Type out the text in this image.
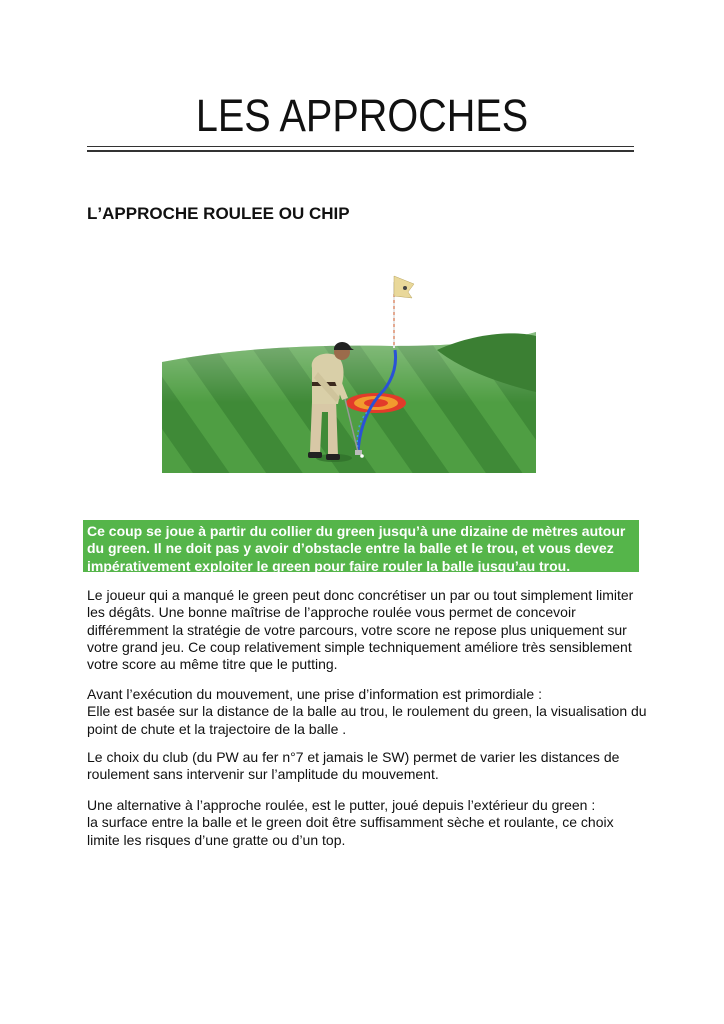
LES APPROCHES
L’APPROCHE ROULEE OU CHIP
Ce coup se joue à partir du collier du green jusqu’à une dizaine de mètres autour du green. Il ne doit pas y avoir d’obstacle entre la balle et le trou, et vous devez impérativement exploiter le green pour faire rouler la balle jusqu’au trou.

Le joueur qui a manqué le green peut donc concrétiser un par ou tout simplement limiter les dégâts. Une bonne maîtrise de l’approche roulée vous permet de concevoir différemment la stratégie de votre parcours, votre score ne repose plus uniquement sur votre grand jeu. Ce coup relativement simple techniquement améliore très sensiblement votre score au même titre que le putting.

Avant l’exécution du mouvement, une prise d’information est primordiale :
Elle est basée sur la distance de la balle au trou, le roulement du green, la visualisation du point de chute et la trajectoire de la balle .

Le choix du club (du PW au fer n°7 et jamais le SW) permet de varier les distances de roulement sans intervenir sur l’amplitude du mouvement.

Une alternative à l’approche roulée, est le putter, joué depuis l’extérieur du green :
la surface entre la balle et le green doit être suffisamment sèche et roulante, ce choix limite les risques d’une gratte ou d’un top.
